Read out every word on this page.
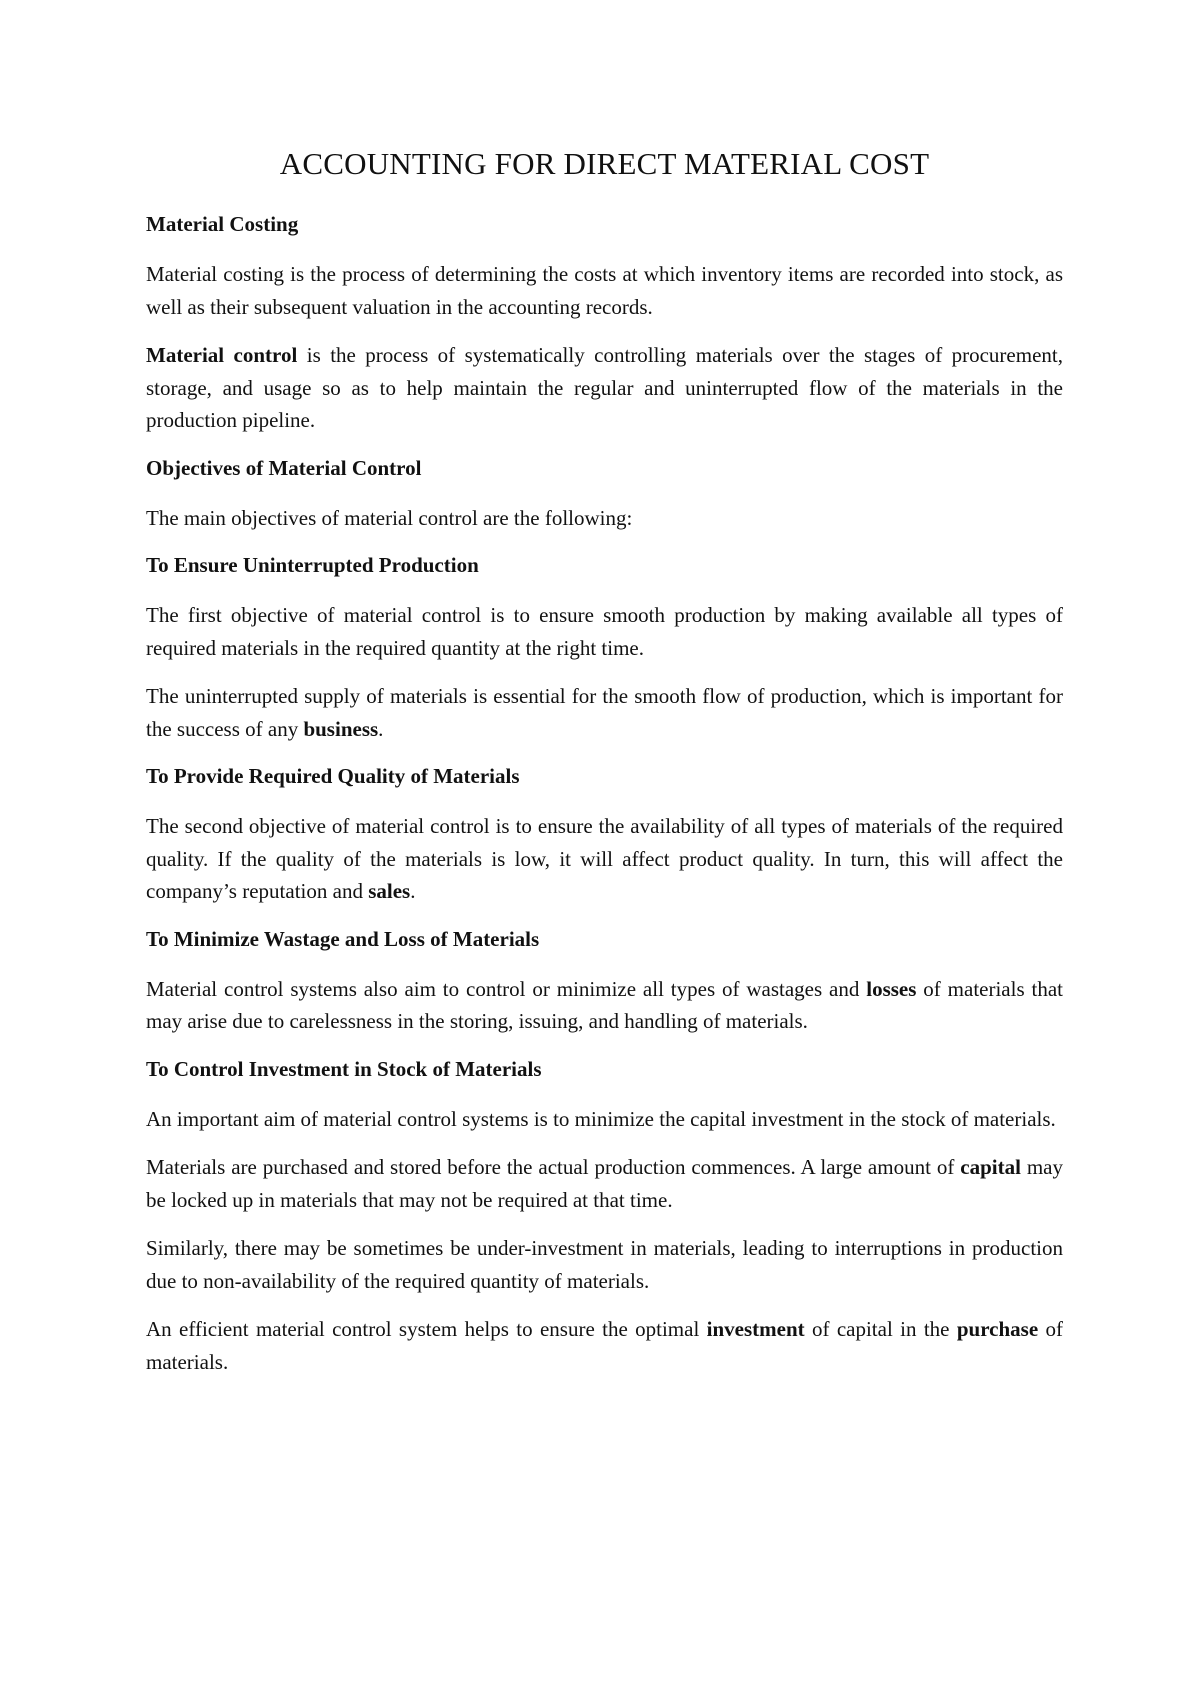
ACCOUNTING FOR DIRECT MATERIAL COST
Material Costing

Material costing is the process of determining the costs at which inventory items are recorded into stock, as well as their subsequent valuation in the accounting records.

Material control is the process of systematically controlling materials over the stages of procurement, storage, and usage so as to help maintain the regular and uninterrupted flow of the materials in the production pipeline.

Objectives of Material Control

The main objectives of material control are the following:

To Ensure Uninterrupted Production

The first objective of material control is to ensure smooth production by making available all types of required materials in the required quantity at the right time.

The uninterrupted supply of materials is essential for the smooth flow of production, which is important for the success of any business.

To Provide Required Quality of Materials

The second objective of material control is to ensure the availability of all types of materials of the required quality. If the quality of the materials is low, it will affect product quality. In turn, this will affect the company’s reputation and sales.

To Minimize Wastage and Loss of Materials

Material control systems also aim to control or minimize all types of wastages and losses of materials that may arise due to carelessness in the storing, issuing, and handling of materials.

To Control Investment in Stock of Materials

An important aim of material control systems is to minimize the capital investment in the stock of materials.

Materials are purchased and stored before the actual production commences. A large amount of capital may be locked up in materials that may not be required at that time.

Similarly, there may be sometimes be under-investment in materials, leading to interruptions in production due to non-availability of the required quantity of materials.

An efficient material control system helps to ensure the optimal investment of capital in the purchase of materials.
